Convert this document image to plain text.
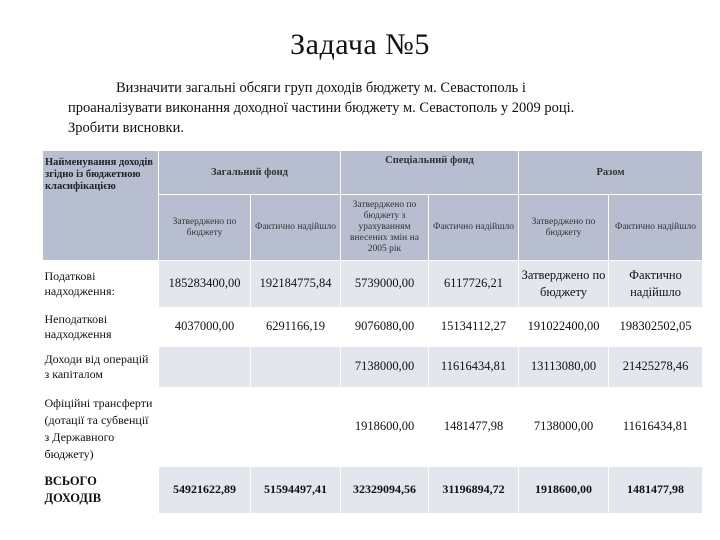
Задача №5
Визначити загальні обсяги груп доходів бюджету м. Севастополь і
проаналізувати виконання доходної частини бюджету м. Севастополь у 2009 році.
Зробити висновки.
Найменування доходів згідно із бюджетною класифікацією	Загальний фонд		Спеціальний фонд		Разом	
	Затверджено по бюджету	Фактично надійшло	Затверджено по бюджету з урахуванням внесених змін на 2005 рік	Фактично надійшло	Затверджено по бюджету	Фактично надійшло
Податкові надходження:	185283400,00	192184775,84	5739000,00	6117726,21	Затверджено по бюджету	Фактично надійшло
Неподаткові надходження	4037000,00	6291166,19	9076080,00	15134112,27	191022400,00	198302502,05
Доходи від операцій з капіталом			7138000,00	11616434,81	13113080,00	21425278,46
Офіційні трансферти (дотації та субвенції з Державного бюджету)			1918600,00	1481477,98	7138000,00	11616434,81
ВСЬОГО ДОХОДІВ	54921622,89	51594497,41	32329094,56	31196894,72	1918600,00	1481477,98
